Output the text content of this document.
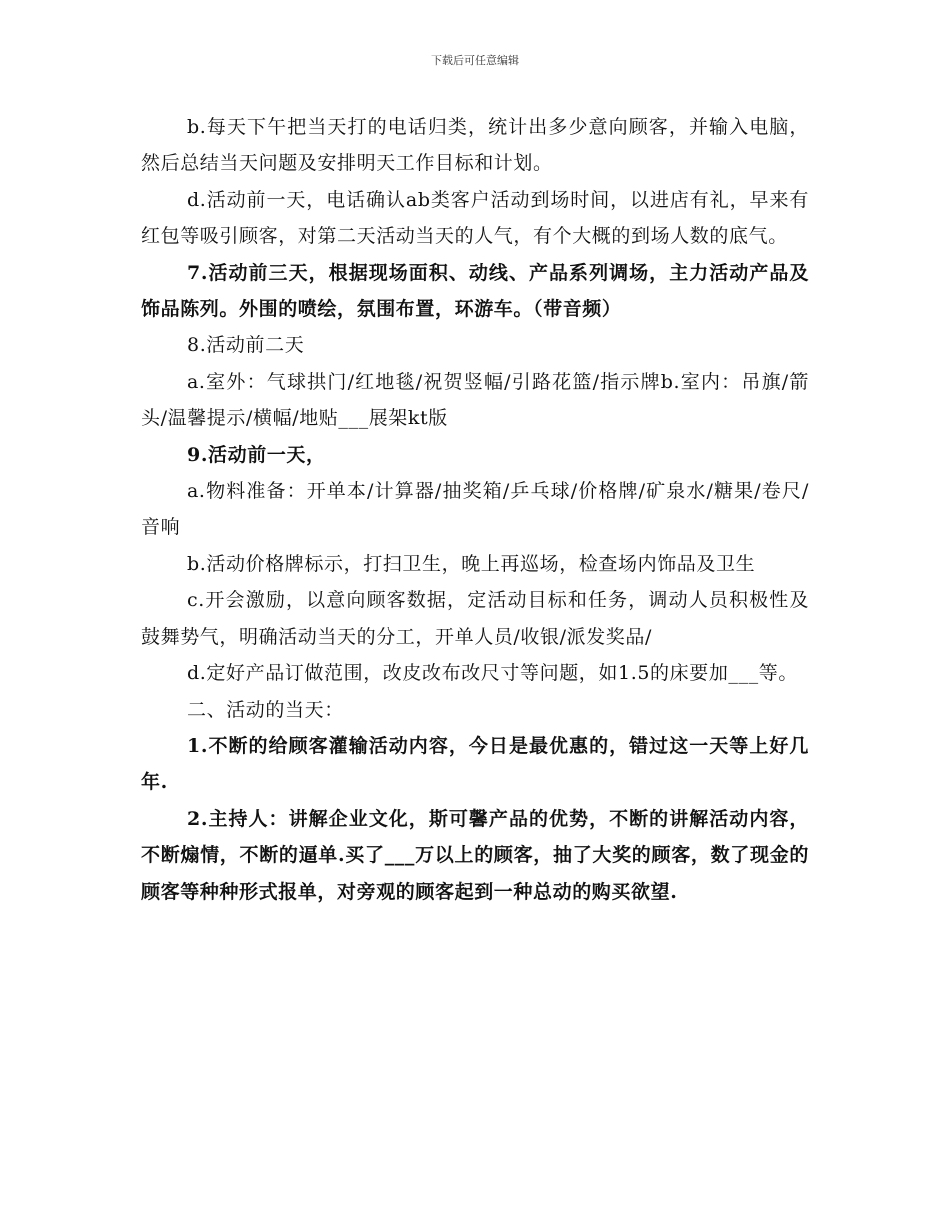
下载后可任意编辑

b.每天下午把当天打的电话归类，统计出多少意向顾客，并输入电脑，然后总结当天问题及安排明天工作目标和计划。

d.活动前一天，电话确认ab类客户活动到场时间，以进店有礼，早来有红包等吸引顾客，对第二天活动当天的人气，有个大概的到场人数的底气。

7.活动前三天，根据现场面积、动线、产品系列调场，主力活动产品及饰品陈列。外围的喷绘，氛围布置，环游车。（带音频）

8.活动前二天

a.室外：气球拱门/红地毯/祝贺竖幅/引路花篮/指示牌b.室内：吊旗/箭头/温馨提示/横幅/地贴___展架kt版

9.活动前一天，

a.物料准备：开单本/计算器/抽奖箱/乒乓球/价格牌/矿泉水/糖果/卷尺/音响

b.活动价格牌标示，打扫卫生，晚上再巡场，检查场内饰品及卫生

c.开会激励，以意向顾客数据，定活动目标和任务，调动人员积极性及鼓舞势气，明确活动当天的分工，开单人员/收银/派发奖品/

d.定好产品订做范围，改皮改布改尺寸等问题，如1.5的床要加___等。

二、活动的当天：

1.不断的给顾客灌输活动内容，今日是最优惠的，错过这一天等上好几年.

2.主持人：讲解企业文化，斯可馨产品的优势，不断的讲解活动内容，不断煽情，不断的逼单.买了___万以上的顾客，抽了大奖的顾客，数了现金的顾客等种种形式报单，对旁观的顾客起到一种总动的购买欲望.
